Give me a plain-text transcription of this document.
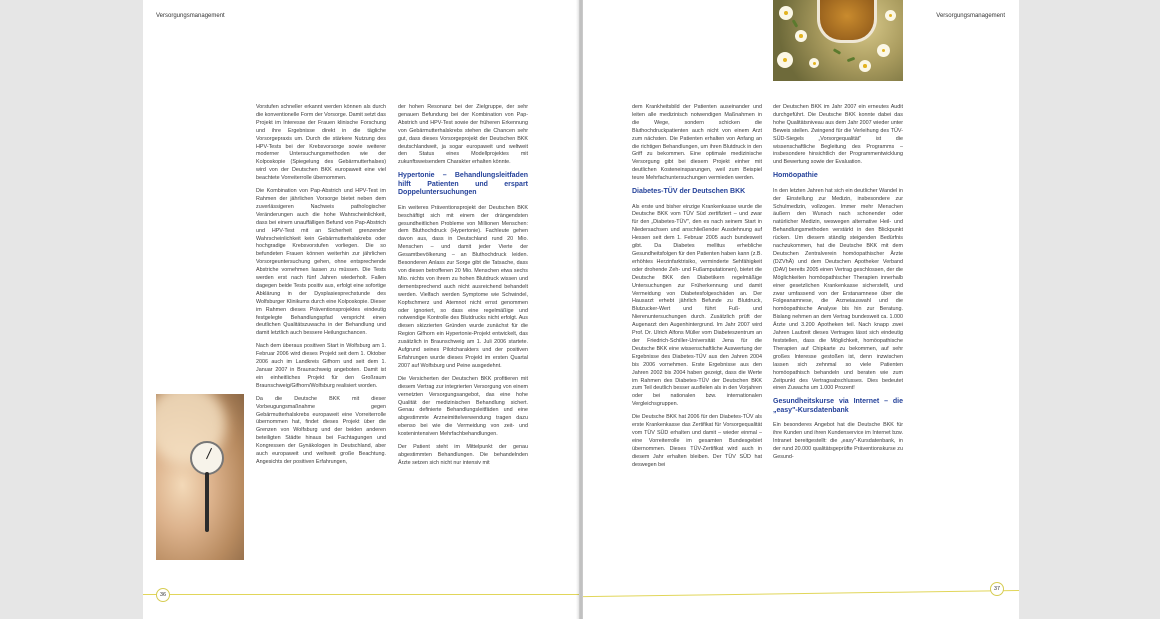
Versorgungsmanagement

Vorstufen schneller erkannt werden können als durch die konventionelle Form der Vorsorge. Damit setzt das Projekt im Interesse der Frauen klinische Forschung und ihre Ergebnisse direkt in die tägliche Vorsorgepraxis um. Durch die stärkere Nutzung des HPV-Tests bei der Krebsvorsorge sowie weiterer moderner Untersuchungsmethoden wie der Kolposkopie (Spiegelung des Gebärmutterhalses) wird von der Deutschen BKK europaweit eine viel beachtete Vorreiterrolle übernommen.

Die Kombination von Pap-Abstrich und HPV-Test im Rahmen der jährlichen Vorsorge bietet neben dem zuverlässigeren Nachweis pathologischer Veränderungen auch die hohe Wahrscheinlichkeit, dass bei einem unauffälligen Befund von Pap-Abstrich und HPV-Test mit an Sicherheit grenzender Wahrscheinlichkeit kein Gebärmutterhalskrebs oder hochgradige Krebsvorstufen vorliegen. Die so befundeten Frauen können weiterhin zur jährlichen Vorsorgeuntersuchung gehen, ohne entsprechende Abstriche vornehmen lassen zu müssen. Die Tests werden erst nach fünf Jahren wiederholt. Fallen dagegen beide Tests positiv aus, erfolgt eine sofortige Abklärung in der Dysplasiesprechstunde des Wolfsburger Klinikums durch eine Kolposkopie. Dieser im Rahmen dieses Präventionsprojektes eindeutig festgelegte Behandlungspfad verspricht einen deutlichen Qualitätszuwachs in der Behandlung und damit letztlich auch bessere Heilungschancen.

Nach dem überaus positiven Start in Wolfsburg am 1. Februar 2006 wird dieses Projekt seit dem 1. Oktober 2006 auch im Landkreis Gifhorn und seit dem 1. Januar 2007 in Braunschweig angeboten. Damit ist ein einheitliches Projekt für den Großraum Braunschweig/Gifhorn/Wolfsburg realisiert worden.

Da die Deutsche BKK mit dieser Vorbeugungsmaßnahme gegen Gebärmutterhalskrebs europaweit eine Vorreiterrolle übernommen hat, findet dieses Projekt über die Grenzen von Wolfsburg und der beiden anderen beteiligten Städte hinaus bei Fachtagungen und Kongressen der Gynäkologen in Deutschland, aber auch europaweit und weltweit große Beachtung. Angesichts der positiven Erfahrungen,

der hohen Resonanz bei der Zielgruppe, der sehr genauen Befundung bei der Kombination von Pap-Abstrich und HPV-Test sowie der früheren Erkennung von Gebärmutterhalskrebs stehen die Chancen sehr gut, dass dieses Vorsorgeprojekt der Deutschen BKK deutschlandweit, ja sogar europaweit und weltweit den Status eines Modellprojektes mit zukunftsweisendem Charakter erhalten könnte.

Hypertonie – Behandlungsleitfaden hilft Patienten und erspart Doppeluntersuchungen

Ein weiteres Präventionsprojekt der Deutschen BKK beschäftigt sich mit einem der drängendsten gesundheitlichen Probleme von Millionen Menschen: dem Bluthochdruck (Hypertonie). Fachleute gehen davon aus, dass in Deutschland rund 20 Mio. Menschen – und damit jeder Vierte der Gesamtbevölkerung – an Bluthochdruck leiden. Besonderen Anlass zur Sorge gibt die Tatsache, dass von diesen betroffenen 20 Mio. Menschen etwa sechs Mio. nichts von ihrem zu hohen Blutdruck wissen und dementsprechend auch nicht ausreichend behandelt werden. Vielfach werden Symptome wie Schwindel, Kopfschmerz und Atemnot nicht ernst genommen oder ignoriert, so dass eine regelmäßige und notwendige Kontrolle des Blutdrucks nicht erfolgt. Aus diesen skizzierten Gründen wurde zunächst für die Region Gifhorn ein Hypertonie-Projekt entwickelt, das zusätzlich in Braunschweig am 1. Juli 2006 startete. Aufgrund seines Pilotcharakters und der positiven Erfahrungen wurde dieses Projekt im ersten Quartal 2007 auf Wolfsburg und Peine ausgedehnt.

Die Versicherten der Deutschen BKK profitieren mit diesem Vertrag zur integrierten Versorgung von einem vernetzten Versorgungsangebot, das eine hohe Qualität der medizinischen Behandlung sichert. Genau definierte Behandlungsleitfäden und eine abgestimmte Arzneimittelverwendung tragen dazu ebenso bei wie die Vermeidung von zeit- und kostenintensiven Mehrfachbehandlungen.

Der Patient steht im Mittelpunkt der genau abgestimmten Behandlungen. Die behandelnden Ärzte setzen sich nicht nur intensiv mit

36
Versorgungsmanagement

dem Krankheitsbild der Patienten auseinander und leiten alle medizinisch notwendigen Maßnahmen in die Wege, sondern schicken die Bluthochdruckpatienten auch nicht von einem Arzt zum nächsten. Die Patienten erhalten von Anfang an die richtigen Behandlungen, um ihren Blutdruck in den Griff zu bekommen. Eine optimale medizinische Versorgung gibt bei diesem Projekt einher mit deutlichen Kosteneinsparungen, weil zum Beispiel teure Mehrfachuntersuchungen vermieden werden.

Diabetes-TÜV der Deutschen BKK

Als erste und bisher einzige Krankenkasse wurde die Deutsche BKK vom TÜV Süd zertifiziert – und zwar für den „Diabetes-TÜV", den es nach seinem Start in Niedersachsen und anschließender Ausdehnung auf Hessen seit dem 1. Februar 2005 auch bundesweit gibt. Da Diabetes mellitus erhebliche Gesundheitsfolgen für den Patienten haben kann (z.B. erhöhtes Herzinfarktrisiko, verminderte Sehfähigkeit oder drohende Zeh- und Fußamputationen), bietet die Deutsche BKK den Diabetikern regelmäßige Untersuchungen zur Früherkennung und damit Vermeidung von Diabetesfolgeschäden an. Der Hausarzt erhebt jährlich Befunde zu Blutdruck, Blutzucker-Wert und führt Fuß- und Nierenuntersuchungen durch. Zusätzlich prüft der Augenarzt den Augenhintergrund. Im Jahr 2007 wird Prof. Dr. Ulrich Alfons Müller vom Diabeteszentrum an der Friedrich-Schiller-Universität Jena für die Deutsche BKK eine wissenschaftliche Auswertung der Ergebnisse des Diabetes-TÜV aus den Jahren 2004 bis 2006 vornehmen. Erste Ergebnisse aus den Jahren 2002 bis 2004 haben gezeigt, dass die Werte im Rahmen des Diabetes-TÜV der Deutschen BKK zum Teil deutlich besser ausfielen als in den Vorjahren oder bei nationalen bzw. internationalen Vergleichsgruppen.

Die Deutsche BKK hat 2006 für den Diabetes-TÜV als erste Krankenkasse das Zertifikat für Vorsorgequalität vom TÜV SÜD erhalten und damit – wieder einmal – eine Vorreiterrolle im gesamten Bundesgebiet übernommen. Dieses TÜV-Zertifikat wird auch in diesem Jahr erhalten bleiben. Der TÜV SÜD hat deswegen bei

der Deutschen BKK im Jahr 2007 ein erneutes Audit durchgeführt. Die Deutsche BKK konnte dabei das hohe Qualitätsniveau aus dem Jahr 2007 wieder unter Beweis stellen. Zwingend für die Verleihung des TÜV-SÜD-Siegels „Vorsorgequalität" ist die wissenschaftliche Begleitung des Programms – insbesondere hinsichtlich der Programmentwicklung und Bewertung sowie der Evaluation.

Homöopathie

In den letzten Jahren hat sich ein deutlicher Wandel in der Einstellung zur Medizin, insbesondere zur Schulmedizin, vollzogen. Immer mehr Menschen äußern den Wunsch nach schonender oder natürlicher Medizin, weswegen alternative Heil- und Behandlungsmethoden verstärkt in den Blickpunkt rücken. Um diesem ständig steigenden Bedürfnis nachzukommen, hat die Deutsche BKK mit dem Deutschen Zentralverein homöopathischer Ärzte (DZVhÄ) und dem Deutschen Apotheker Verband (DAV) bereits 2005 einen Vertrag geschlossen, der die Möglichkeiten homöopathischer Therapien innerhalb einer gesetzlichen Krankenkasse sicherstellt, und zwar umfassend von der Erstanamnese über die Folgeanamnese, die Arzneiauswahl und die homöopathische Analyse bis hin zur Beratung. Bislang nehmen an dem Vertrag bundesweit ca. 1.000 Ärzte und 3.200 Apotheken teil. Nach knapp zwei Jahren Laufzeit dieses Vertrages lässt sich eindeutig feststellen, dass die Möglichkeit, homöopathische Therapien auf Chipkarte zu bekommen, auf sehr großes Interesse gestoßen ist, denn inzwischen lassen sich zehnmal so viele Patienten homöopathisch behandeln und beraten wie zum Zeitpunkt des Vertragsabschlusses. Dies bedeutet einen Zuwachs um 1.000 Prozent!

Gesundheitskurse via Internet – die „easy"-Kursdatenbank

Ein besonderes Angebot hat die Deutsche BKK für ihre Kunden und ihren Kundenservice im Internet bzw. Intranet bereitgestellt: die „easy"-Kursdatenbank, in der rund 20.000 qualitätsgeprüfte Präventionskurse zu Gesund-

37
